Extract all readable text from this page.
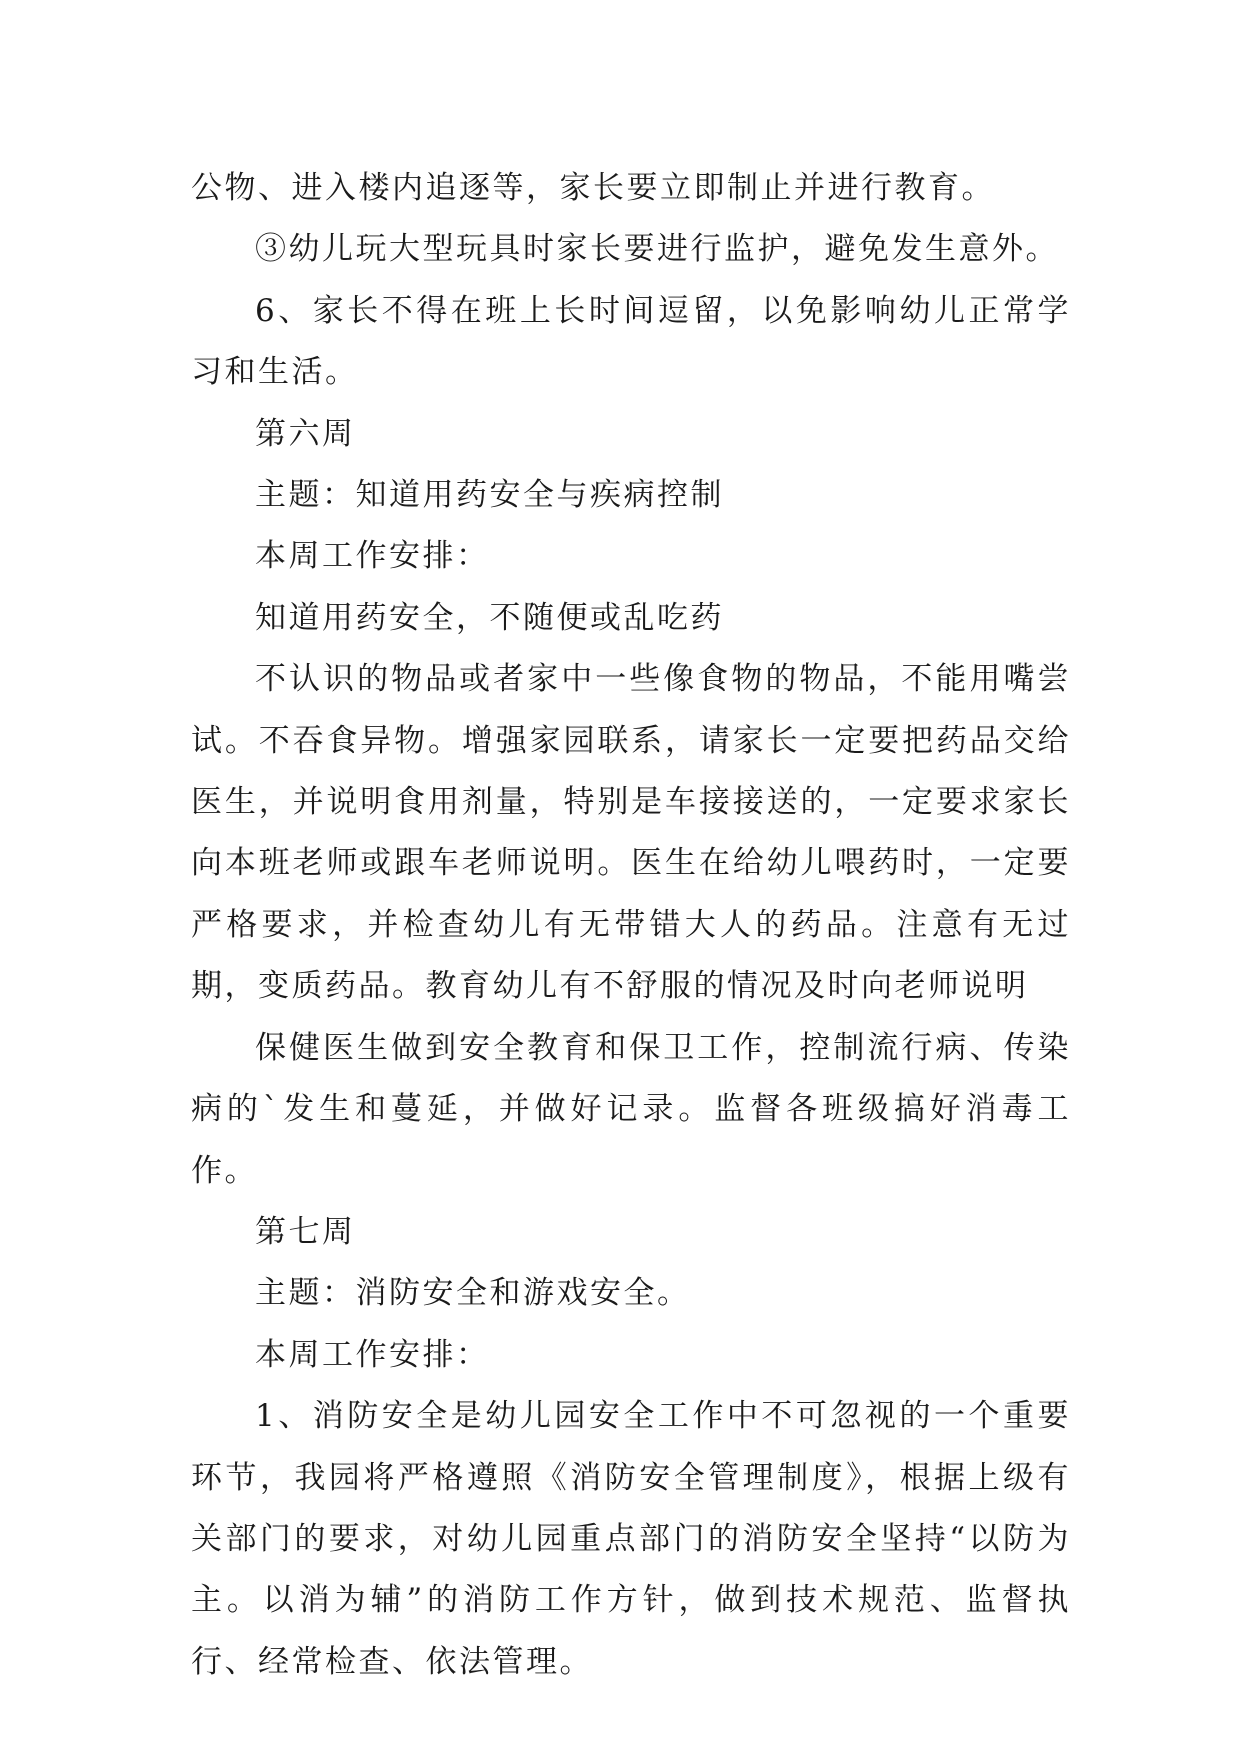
公物、进入楼内追逐等，家长要立即制止并进行教育。

③幼儿玩大型玩具时家长要进行监护，避免发生意外。

6、家长不得在班上长时间逗留，以免影响幼儿正常学习和生活。

第六周

主题：知道用药安全与疾病控制

本周工作安排：

知道用药安全，不随便或乱吃药

不认识的物品或者家中一些像食物的物品，不能用嘴尝试。不吞食异物。增强家园联系，请家长一定要把药品交给医生，并说明食用剂量，特别是车接接送的，一定要求家长向本班老师或跟车老师说明。医生在给幼儿喂药时，一定要严格要求，并检查幼儿有无带错大人的药品。注意有无过期，变质药品。教育幼儿有不舒服的情况及时向老师说明

保健医生做到安全教育和保卫工作，控制流行病、传染病的`发生和蔓延，并做好记录。监督各班级搞好消毒工作。

第七周

主题：消防安全和游戏安全。

本周工作安排：

1、消防安全是幼儿园安全工作中不可忽视的一个重要环节，我园将严格遵照《消防安全管理制度》，根据上级有关部门的要求，对幼儿园重点部门的消防安全坚持“以防为主。以消为辅”的消防工作方针，做到技术规范、监督执行、经常检查、依法管理。
